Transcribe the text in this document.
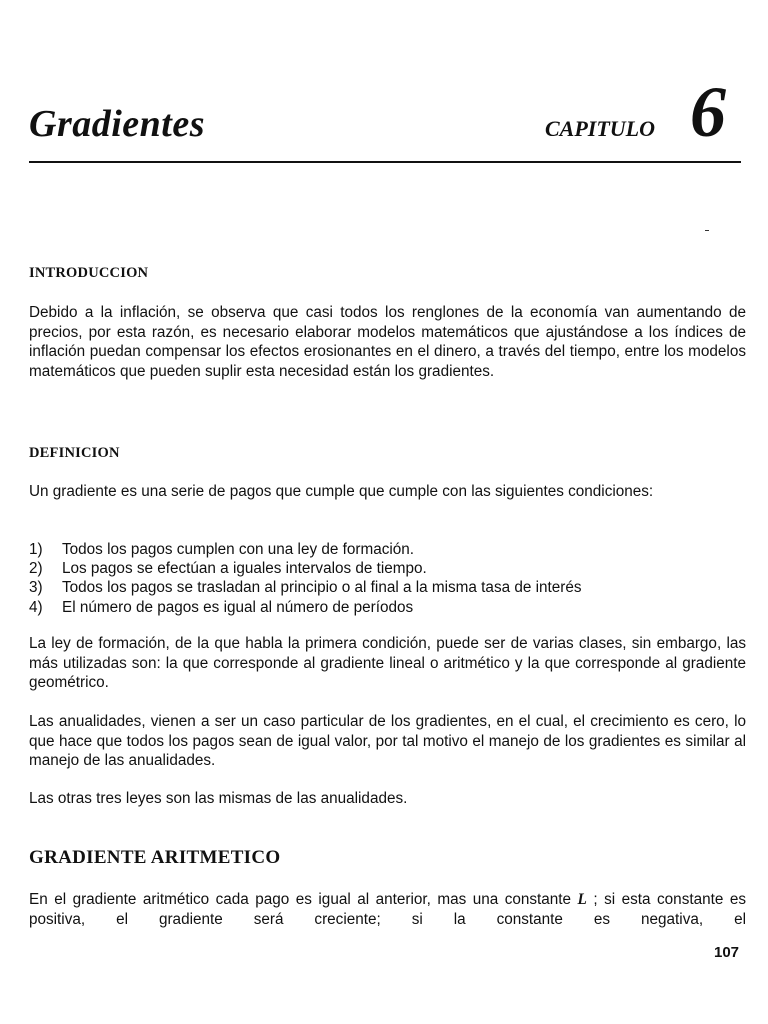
Gradientes	CAPITULO 6
INTRODUCCION

Debido a la inflación, se observa que casi todos los renglones de la economía van aumentando de precios, por esta razón, es necesario elaborar modelos matemáticos que ajustándose a los índices de inflación puedan compensar los efectos erosionantes en el dinero, a través del tiempo, entre los modelos matemáticos que pueden suplir esta necesidad están los gradientes.

DEFINICION

Un gradiente es una serie de pagos que cumple que cumple con las siguientes condiciones:

1)	Todos los pagos cumplen con una ley de formación.
2)	Los pagos se efectúan a iguales intervalos de tiempo.
3)	Todos los pagos se trasladan al principio o al final a la misma tasa de interés
4)	El número de pagos es igual al número de períodos

La ley de formación, de la que habla la primera condición, puede ser de varias clases, sin embargo, las más utilizadas son: la que corresponde al gradiente lineal o aritmético y la que corresponde al gradiente geométrico.

Las anualidades, vienen a ser un caso particular de los gradientes, en el cual, el crecimiento es cero, lo que hace que todos los pagos sean de igual valor, por tal motivo el manejo de los gradientes es similar al manejo de las anualidades.

Las otras tres leyes son las mismas de las anualidades.

GRADIENTE ARITMETICO

En el gradiente aritmético cada pago es igual al anterior, mas una constante L ; si esta constante es positiva, el gradiente será creciente; si la constante es negativa, el

107
